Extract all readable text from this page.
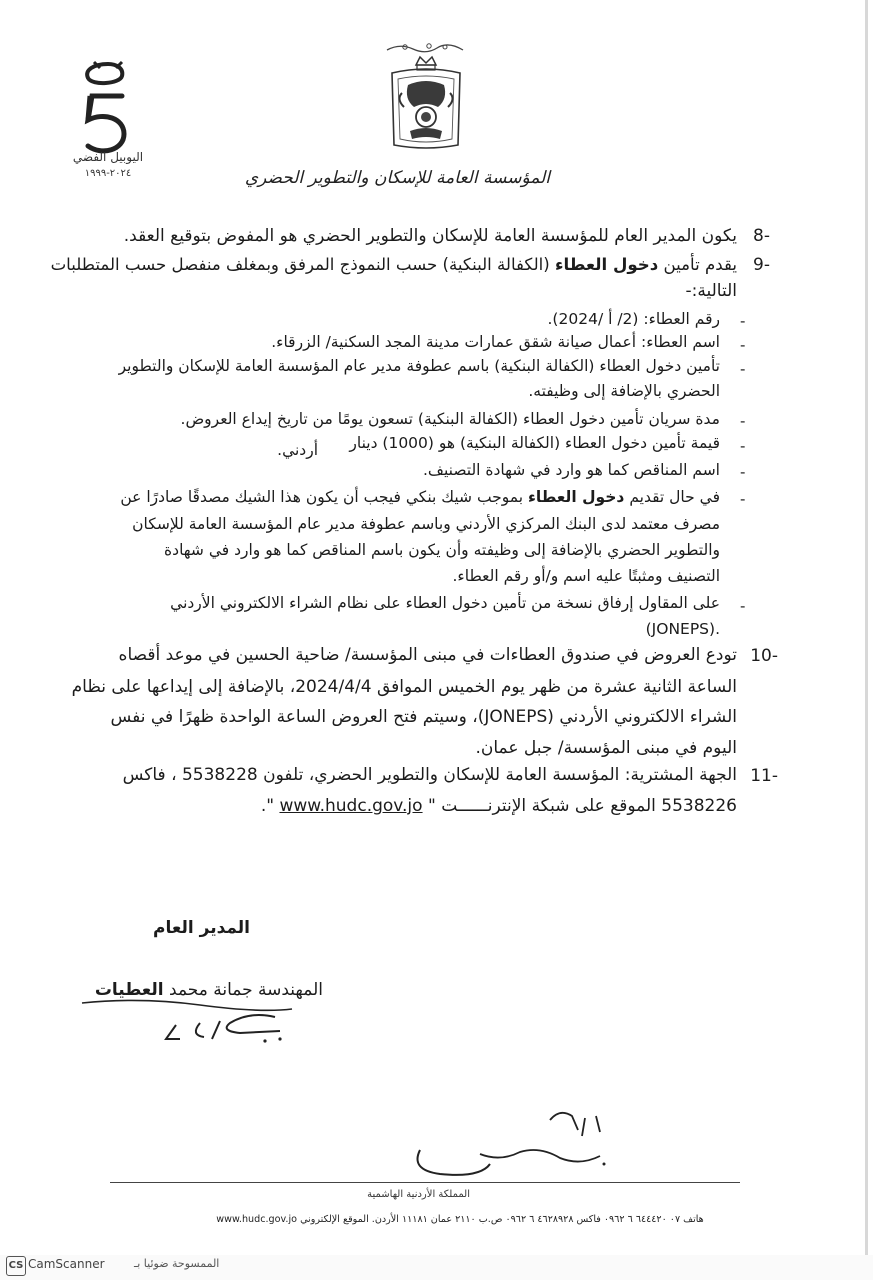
المؤسسة العامة للإسكان والتطوير الحضري
اليوبيل الفضي
٢٠٢٤-١٩٩٩
8-
يكون المدير العام للمؤسسة العامة للإسكان والتطوير الحضري هو المفوض بتوقيع العقد.
9-
يقدم تأمين دخول العطاء (الكفالة البنكية) حسب النموذج المرفق وبمغلف منفصل حسب المتطلبات
التالية:-
-
رقم العطاء: (2/ أ /2024).
-
اسم العطاء: أعمال صيانة شقق عمارات مدينة المجد السكنية/ الزرقاء.
-
تأمين دخول العطاء (الكفالة البنكية) باسم عطوفة مدير عام المؤسسة العامة للإسكان والتطوير
الحضري بالإضافة إلى وظيفته.
-
مدة سريان تأمين دخول العطاء (الكفالة البنكية) تسعون يومًا من تاريخ إيداع العروض.
-
قيمة تأمين دخول العطاء (الكفالة البنكية) هو (1000) دينار
أردني.
-
اسم المناقص كما هو وارد في شهادة التصنيف.
-
في حال تقديم دخول العطاء بموجب شيك بنكي فيجب أن يكون هذا الشيك مصدقًا صادرًا عن
مصرف معتمد لدى البنك المركزي الأردني وباسم عطوفة مدير عام المؤسسة العامة للإسكان
والتطوير الحضري بالإضافة إلى وظيفته وأن يكون باسم المناقص كما هو وارد في شهادة
التصنيف ومثبتًا عليه اسم و/أو رقم العطاء.
-
على المقاول إرفاق نسخة من تأمين دخول العطاء على نظام الشراء الالكتروني الأردني
(JONEPS).
10-
تودع العروض في صندوق العطاءات في مبنى المؤسسة/ ضاحية الحسين في موعد أقصاه
الساعة الثانية عشرة من ظهر يوم الخميس الموافق 2024/4/4، بالإضافة إلى إيداعها على نظام
الشراء الالكتروني الأردني (JONEPS)، وسيتم فتح العروض الساعة الواحدة ظهرًا في نفس
اليوم في مبنى المؤسسة/ جبل عمان.
11-
الجهة المشترية: المؤسسة العامة للإسكان والتطوير الحضري، تلفون 5538228 ، فاكس
5538226 الموقع على شبكة الإنترنــــــت " www.hudc.gov.jo ".
المدير العام
المهندسة جمانة محمد العطيات
المملكة الأردنية الهاشمية
هاتف ٠٧ ٦٤٤٤٢٠ ٦ ٠٩٦٢ فاكس ٤٦٢٨٩٢٨ ٦ ٠٩٦٢ ص.ب ٢١١٠ عمان ١١١٨١ الأردن. الموقع الإلكتروني www.hudc.gov.jo
CS CamScanner	الممسوحة ضوئيا بـ
